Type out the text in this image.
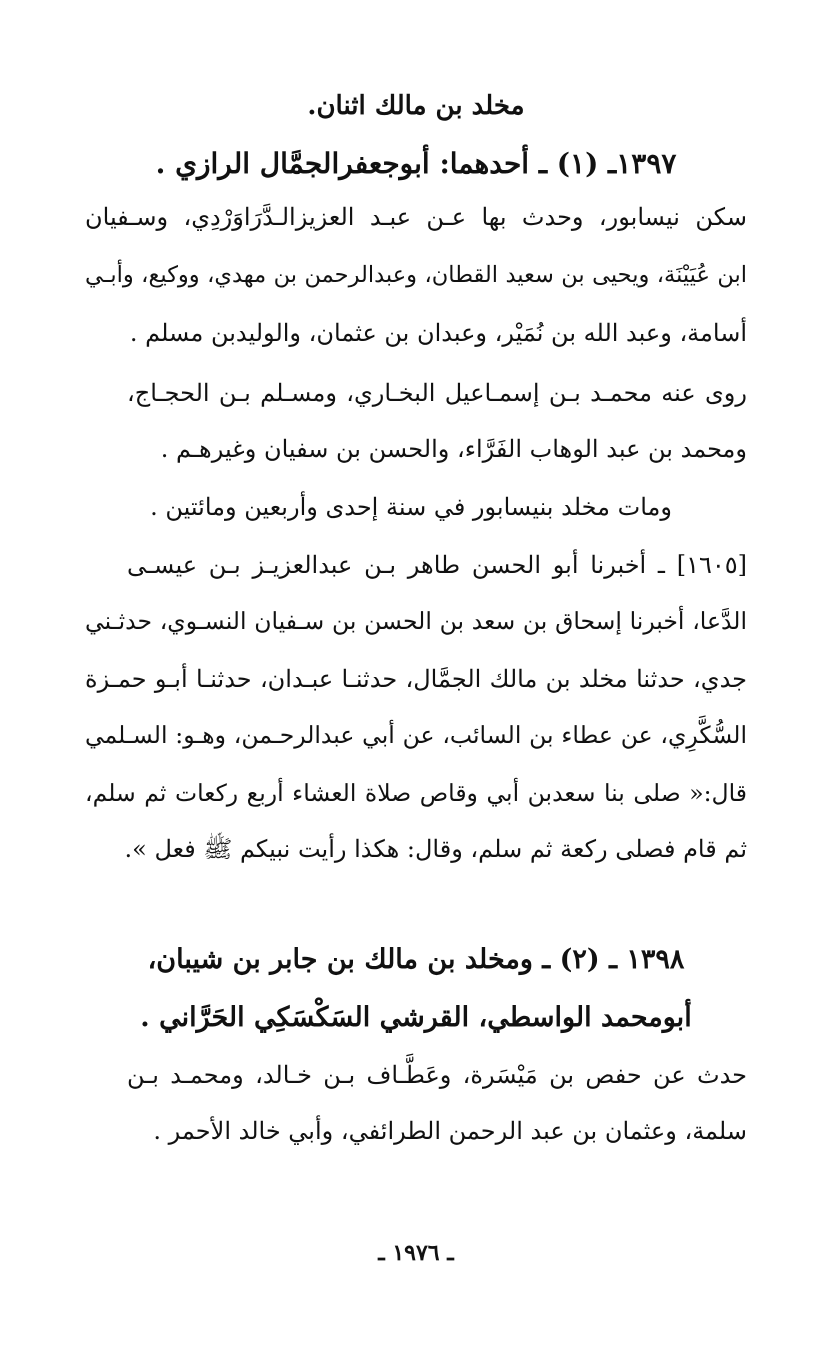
مخلد بن مالك اثنان.
١٣٩٧ـ (١) ـ أحدهما: أبوجعفرالجمَّال الرازي .
سكن نيسابور، وحدث بها عـن عبـد العزيزالـدَّرَاوَرْدِي، وسـفيان
ابن عُيَيْنَة، ويحيى بن سعيد القطان، وعبدالرحمن بن مهدي، ووكيع، وأبـي
أسامة، وعبد الله بن نُمَيْر، وعبدان بن عثمان، والوليدبن مسلم .
روى عنه محمـد بـن إسمـاعيل البخـاري، ومسـلم بـن الحجـاج،
ومحمد بن عبد الوهاب الفَرَّاء، والحسن بن سفيان وغيرهـم .
ومات مخلد بنيسابور في سنة إحدى وأربعين ومائتين .
[١٦٠٥] ـ أخبرنا أبو الحسن طاهر بـن عبدالعزيـز بـن عيسـى
الدَّعا، أخبرنا إسحاق بن سعد بن الحسن بن سـفيان النسـوي، حدثـني
جدي، حدثنا مخلد بن مالك الجمَّال، حدثنـا عبـدان، حدثنـا أبـو حمـزة
السُّكَّرِي، عن عطاء بن السائب، عن أبي عبدالرحـمن، وهـو: السـلمي
قال:« صلى بنا سعدبن أبي وقاص صلاة العشاء أربع ركعات ثم سلم،
ثم قام فصلى ركعة ثم سلم، وقال: هكذا رأيت نبيكم ﷺ فعل ».
١٣٩٨ ـ (٢) ـ ومخلد بن مالك بن جابر بن شيبان،
أبومحمد الواسطي، القرشي السَكْسَكِي الحَرَّاني .
حدث عن حفص بن مَيْسَرة، وعَطَّـاف بـن خـالد، ومحمـد بـن
سلمة، وعثمان بن عبد الرحمن الطرائفي، وأبي خالد الأحمر .
ـ ١٩٧٦ ـ
